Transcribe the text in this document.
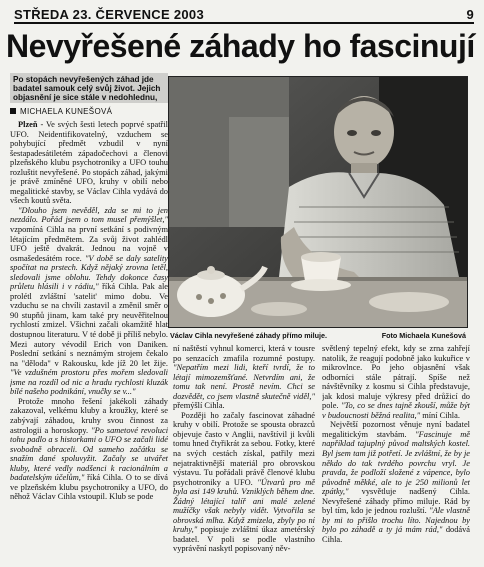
STŘEDA 23. ČERVENCE 2003	9
Nevyřešené záhady ho fascinují
Po stopách nevyřešených záhad jde badatel samouk celý svůj život. Jejich objasnění je sice stále v nedohlednu,
MICHAELA KUNEŠOVÁ

Plzeň - Ve svých šesti letech poprvé spatřil UFO. Neidentifikovatelný, vzduchem se pohybující předmět vzbudil v nyní šestapadesátiletém západočechovi a členovi plzeňského klubu psychotroniky a UFO touhu rozluštit nevyřešené. Po stopách záhad, jakými je právě zmíněné UFO, kruhy v obilí nebo megalitické stavby, se Václav Cihla vydává do všech koutů světa.

"Dlouho jsem nevěděl, zda se mi to jen nezdálo. Pořád jsem o tom musel přemýšlet," vzpomíná Cihla na první setkání s podivným létajícím předmětem. Za svůj život zahlédl UFO ještě dvakrát. Jednou na vojně v osmašedesátém roce. "V době se daly satelity spočítat na prstech. Když nějaký zrovna letěl, sledovali jsme oblohu. Tehdy dokonce časy průletu hlásili i v rádiu," říká Cihla. Pak ale prolétl zvláštní 'satelit' mimo dobu. Ve vzduchu se na chvíli zastavil a změnil směr o 90 stupňů jinam, kam také pry neuvěřitelnou rychlostí zmizel. Všichni začali okamžitě hlat dostupnou literaturu. V té době ji příliš nebylo. Mezi autory vévodil Erich von Daniken. Poslední setkání s neznámým strojem čekalo na "děloda" v Rakousku, kde jíž 20 let žije. "Ve vzdušném prostoru přes mořem sledovali jsme na rozdíl od nic a hradu rychlosti kluzák bílé našeho podnikání, vnučky se v..."

Protože mnoho řešení jakékoli záhady zakazoval, velkému kluby a kroužky, které se zabývají záhadou, kruhy svou činnost za astrologii a horoskopy. "Po sametové revoluci tohu padlo a s historkami o UFO se začali lidé svobodně obraceli. Od sameho začátku se snažím dané spoluvyžit. Začaly se utvářet kluby, které vedly nadšenci k racionálním a badatelským účelům," říká Cihla. O to se dívá ve plzeňském klubu psychotroniky a UFO, do něhož Václav Cihla vstoupil. Klub se pode

Václav Cihla nevyřešené záhady přímo miluje.	Foto Michaela Kunešová

ní naštěstí vyhnul komerci, která v tousre po senzacích zmafila rozumné postupy. "Nepatřím mezi lidi, kteří tvrdí, že to létají mimozemšťané. Netvrdím ani, že tomu tak není. Prostě nevím. Chci se dozvědět, co jsem vlastně skutečně viděl," přemýšlí Cihla.

Později ho začaly fascinovat záhadné kruhy v obilí. Protože se spousta obrazců objevuje často v Anglii, navštívil ji kvůli tomu hned čtyřikrát za sebou. Fotky, které na svých cestách získal, patřily mezi nejatraktivnější materiál pro obrovskou výstavu. Tu pořádali právě členové klubu psychotroniky a UFO. "Útvarů pro mě byla asi 149 kruhů. Vzniklých během dne. Žádný létající talíř ani malé zelené mužíčky však nebyly vidět. Vytvořila se obrovská mlha. Když zmizela, zbyly po ní kruhy," popisuje zvláštní úkaz ametérský badatel. V poli se podle vlastního vyprávění naskytl popisovaný něv-

světlený tepelný efekt, kdy se zrna zahřejí natolik, že reagují podobně jako kukuřice v mikrovlnce. Po jeho objasnění však odborníci stále pátrají. Spíše než návštěvníky z kosmu si Cihla představuje, jak kdosi maluje výkresy před drůžicí do pole. "To, co se dnes tajně zkouší, může být v budoucnosti běžná realita," míní Cihla.

Největší pozornost věnuje nyní badatel megalitickým stavbám. "Fascinuje mě například tajuplný původ maltských kostel. Byl jsem tam již potřetí. Je zvláštní, že by je někdo do tak tvrdého povrchu vryl. Je pravda, že podloží složené z vápence, bylo původně měkké, ale to je 250 milionů let zpátky," vysvětluje nadšený Cihla. Nevyřešené záhady přímo miluje. Rád by byl tím, kdo je jednou rozluští. "Ale vlastně by mi to přišlo trochu líto. Najednou by bylo po záhadě a ty já mám rád," dodává Cihla.
